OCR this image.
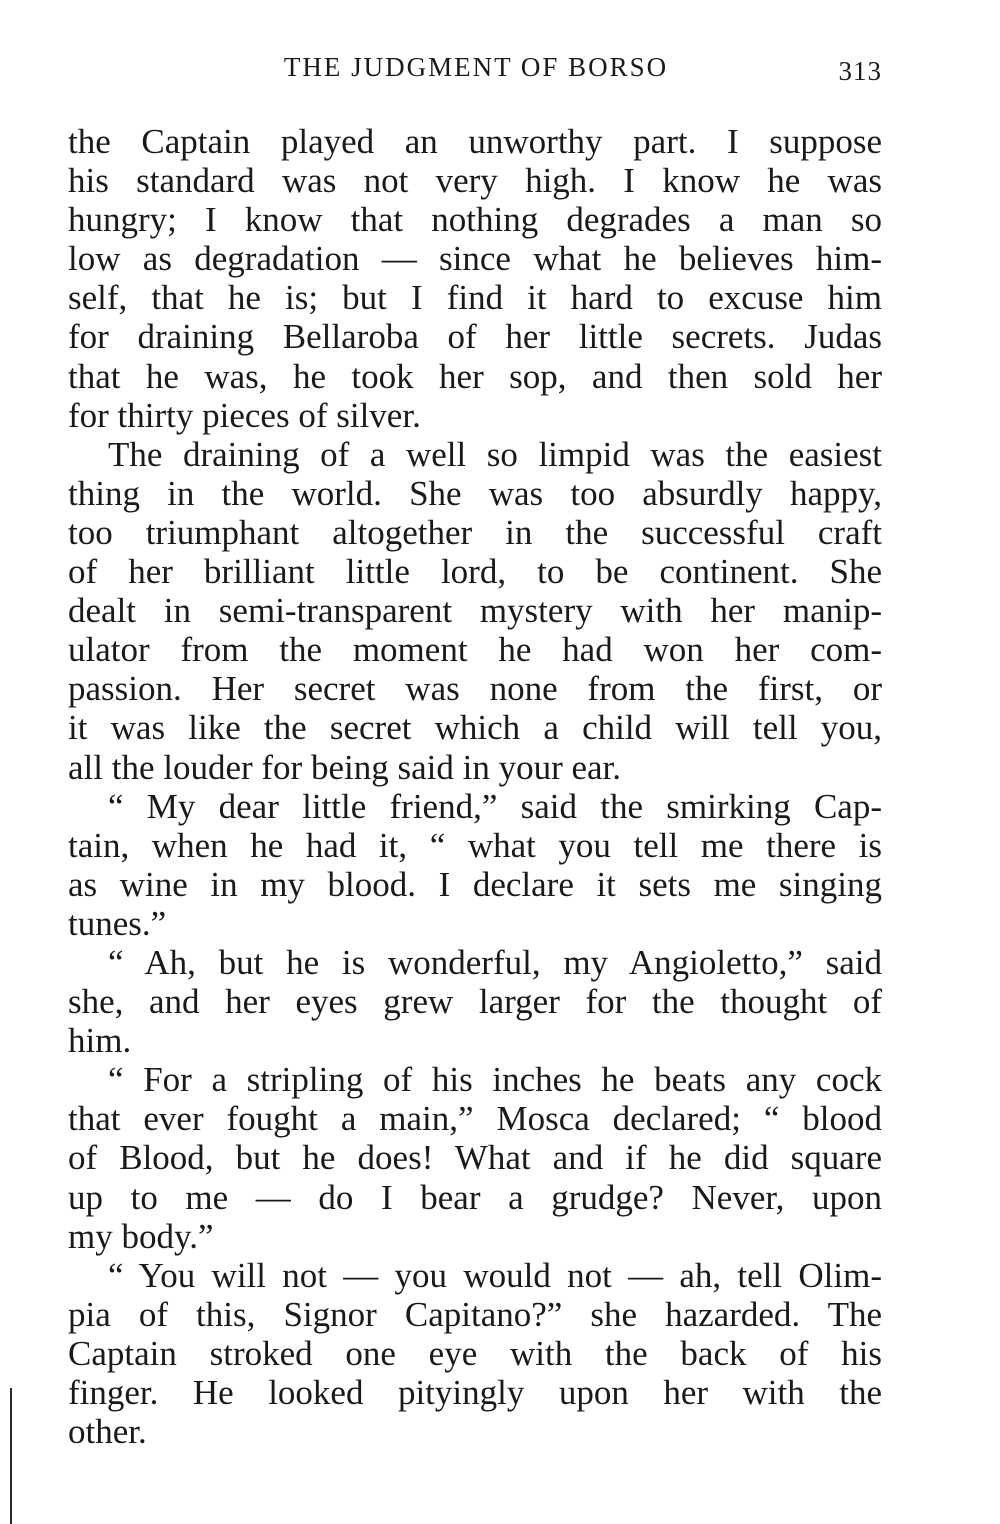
THE JUDGMENT OF BORSO	313
the Captain played an unworthy part. I suppose
his standard was not very high. I know he was
hungry; I know that nothing degrades a man so
low as degradation — since what he believes him-
self, that he is; but I find it hard to excuse him
for draining Bellaroba of her little secrets. Judas
that he was, he took her sop, and then sold her
for thirty pieces of silver.
The draining of a well so limpid was the easiest
thing in the world. She was too absurdly happy,
too triumphant altogether in the successful craft
of her brilliant little lord, to be continent. She
dealt in semi-transparent mystery with her manip-
ulator from the moment he had won her com-
passion. Her secret was none from the first, or
it was like the secret which a child will tell you,
all the louder for being said in your ear.
“ My dear little friend,” said the smirking Cap-
tain, when he had it, “ what you tell me there is
as wine in my blood. I declare it sets me singing
tunes.”
“ Ah, but he is wonderful, my Angioletto,” said
she, and her eyes grew larger for the thought of
him.
“ For a stripling of his inches he beats any cock
that ever fought a main,” Mosca declared; “ blood
of Blood, but he does! What and if he did square
up to me — do I bear a grudge? Never, upon
my body.”
“ You will not — you would not — ah, tell Olim-
pia of this, Signor Capitano?” she hazarded. The
Captain stroked one eye with the back of his
finger. He looked pityingly upon her with the
other.
